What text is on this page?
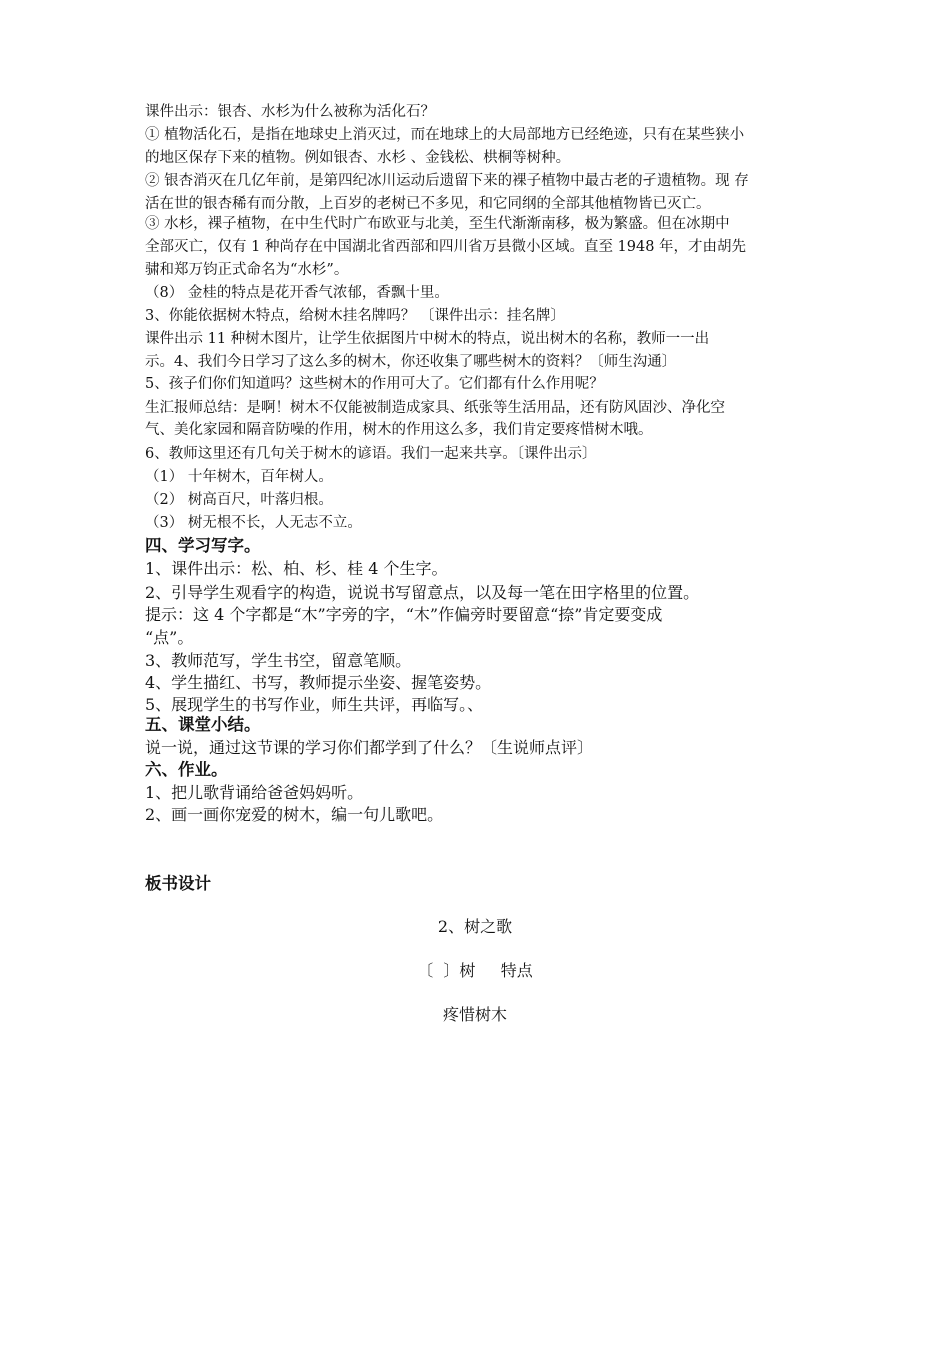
课件出示：银杏、水杉为什么被称为活化石？
① 植物活化石，是指在地球史上消灭过，而在地球上的大局部地方已经绝迹，只有在某些狭小
的地区保存下来的植物。例如银杏、水杉 、金钱松、栱桐等树种。
② 银杏消灭在几亿年前，是第四纪冰川运动后遗留下来的裸子植物中最古老的孑遗植物。现 存
活在世的银杏稀有而分散，上百岁的老树已不多见，和它同纲的全部其他植物皆已灭亡。
③ 水杉，裸子植物，在中生代时广布欧亚与北美，至生代渐渐南移，极为繁盛。但在冰期中
全部灭亡，仅有 1 种尚存在中国湖北省西部和四川省万县微小区域。直至 1948 年，才由胡先
骕和郑万钧正式命名为“水杉”。
（8） 金桂的特点是花开香气浓郁，香飘十里。
3、你能依据树木特点，给树木挂名牌吗？ 〔课件出示：挂名牌〕
课件出示 11 种树木图片，让学生依据图片中树木的特点，说出树木的名称，教师一一出
示。4、我们今日学习了这么多的树木，你还收集了哪些树木的资料？〔师生沟通〕
5、孩子们你们知道吗？这些树木的作用可大了。它们都有什么作用呢？
生汇报师总结：是啊！树木不仅能被制造成家具、纸张等生活用品，还有防风固沙、净化空
气、美化家园和隔音防噪的作用，树木的作用这么多，我们肯定要疼惜树木哦。
6、教师这里还有几句关于树木的谚语。我们一起来共享。〔课件出示〕
（1） 十年树木，百年树人。
（2） 树高百尺，叶落归根。
（3） 树无根不长，人无志不立。
四、学习写字。
1、课件出示：松、柏、杉、桂 4 个生字。
2、引导学生观看字的构造，说说书写留意点，以及每一笔在田字格里的位置。
提示：这 4 个字都是“木”字旁的字，“木”作偏旁时要留意“捺”肯定要变成
“点”。
3、教师范写，学生书空，留意笔顺。
4、学生描红、书写，教师提示坐姿、握笔姿势。
5、展现学生的书写作业，师生共评，再临写。、
五、课堂小结。
说一说，通过这节课的学习你们都学到了什么？〔生说师点评〕
六、作业。
1、把儿歌背诵给爸爸妈妈听。
2、画一画你宠爱的树木，编一句儿歌吧。
板书设计
2、树之歌
〔  〕树     特点
疼惜树木
